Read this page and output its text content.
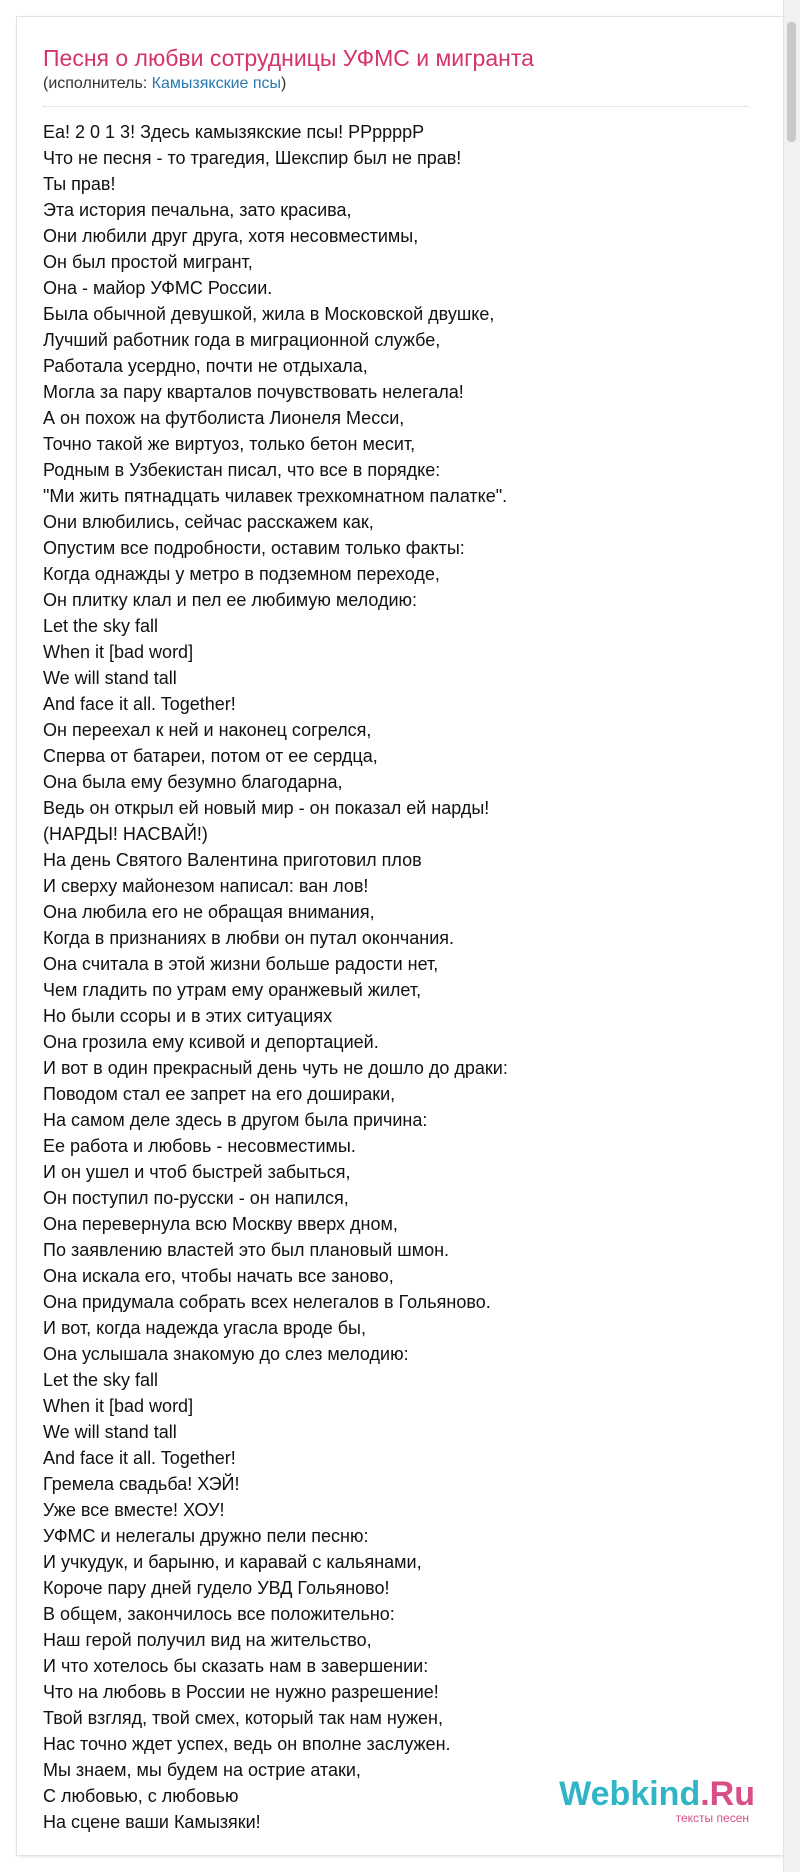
Песня о любви сотрудницы УФМС и мигранта
(исполнитель: Камызякские псы)
Еа! 2 0 1 3! Здесь камызякские псы! РРррррР
Что не песня - то трагедия, Шекспир был не прав!
Ты прав!
Эта история печальна, зато красива,
Они любили друг друга, хотя несовместимы,
Он был простой мигрант,
Она - майор УФМС России.
Была обычной девушкой, жила в Московской двушке,
Лучший работник года в миграционной службе,
Работала усердно, почти не отдыхала,
Могла за пару кварталов почувствовать нелегала!
А он похож на футболиста Лионеля Месси,
Точно такой же виртуоз, только бетон месит,
Родным в Узбекистан писал, что все в порядке:
"Ми жить пятнадцать чилавек трехкомнатном палатке".
Они влюбились, сейчас расскажем как,
Опустим все подробности, оставим только факты:
Когда однажды у метро в подземном переходе,
Он плитку клал и пел ее любимую мелодию:
Let the sky fall
When it [bad word]
We will stand tall
And face it all. Together!
Он переехал к ней и наконец согрелся,
Сперва от батареи, потом от ее сердца,
Она была ему безумно благодарна,
Ведь он открыл ей новый мир - он показал ей нарды!
(НАРДЫ! НАСВАЙ!)
На день Святого Валентина приготовил плов
И сверху майонезом написал: ван лов!
Она любила его не обращая внимания,
Когда в признаниях в любви он путал окончания.
Она считала в этой жизни больше радости нет,
Чем гладить по утрам ему оранжевый жилет,
Но были ссоры и в этих ситуациях
Она грозила ему ксивой и депортацией.
И вот в один прекрасный день чуть не дошло до драки:
Поводом стал ее запрет на его дошираки,
На самом деле здесь в другом была причина:
Ее работа и любовь - несовместимы.
И он ушел и чтоб быстрей забыться,
Он поступил по-русски - он напился,
Она перевернула всю Москву вверх дном,
По заявлению властей это был плановый шмон.
Она искала его, чтобы начать все заново,
Она придумала собрать всех нелегалов в Гольяново.
И вот, когда надежда угасла вроде бы,
Она услышала знакомую до слез мелодию:
Let the sky fall
When it [bad word]
We will stand tall
And face it all. Together!
Гремела свадьба! ХЭЙ!
Уже все вместе! ХОУ!
УФМС и нелегалы дружно пели песню:
И учкудук, и барыню, и каравай с кальянами,
Короче пару дней гудело УВД Гольяново!
В общем, закончилось все положительно:
Наш герой получил вид на жительство,
И что хотелось бы сказать нам в завершении:
Что на любовь в России не нужно разрешение!
Твой взгляд, твой смех, который так нам нужен,
Нас точно ждет успех, ведь он вполне заслужен.
Мы знаем, мы будем на острие атаки,
С любовью, с любовью
На сцене ваши Камызяки!
Webkind.Ru
тексты песен
